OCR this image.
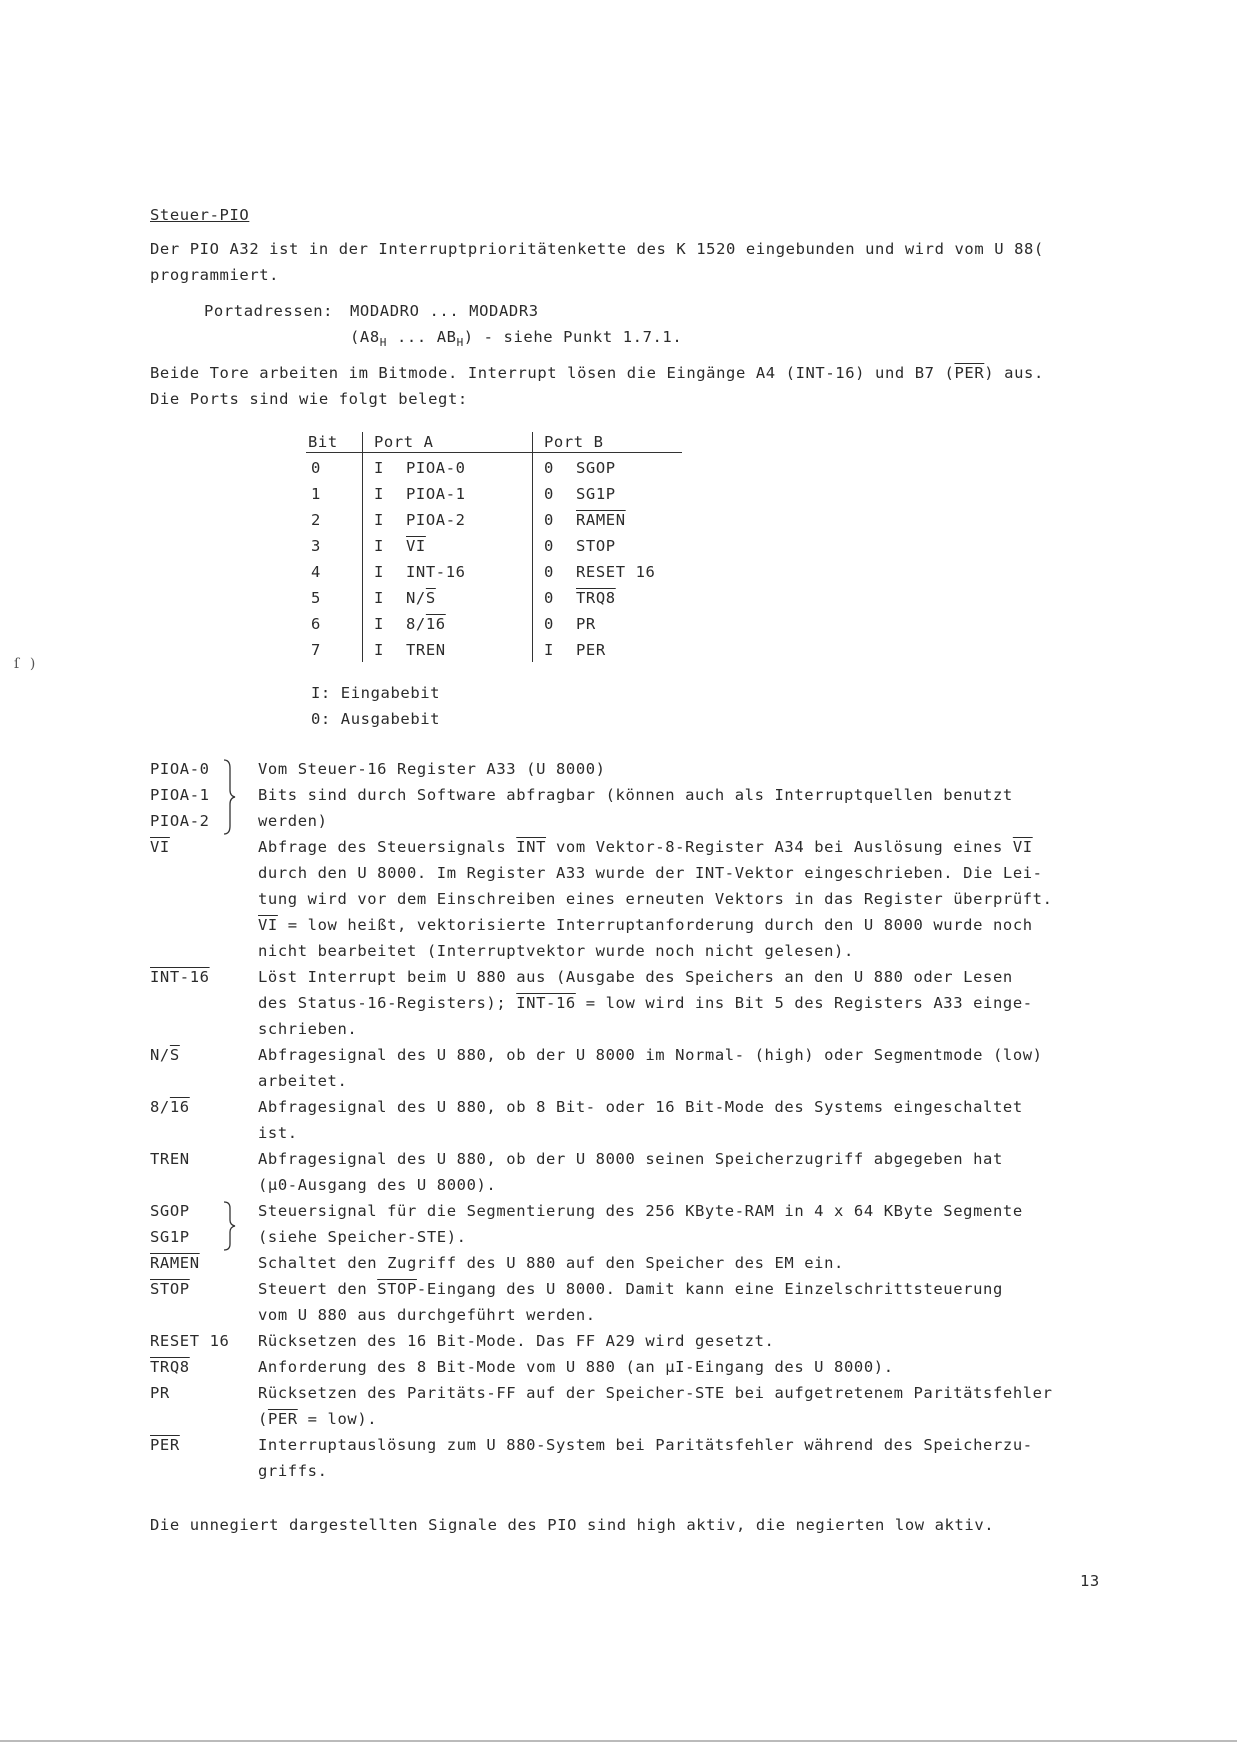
Steuer-PIO
Der PIO A32 ist in der Interruptprioritätenkette des K 1520 eingebunden und wird vom U 88(
programmiert.
Portadressen: MODADRO ... MODADR3
($A8_H$ ... $AB_H$) - siehe Punkt 1.7.1.
Beide Tore arbeiten im Bitmode. Interrupt lösen die Eingänge A4 (INT-16) und B7 $(\overline{PER})$ aus.
Die Ports sind wie folgt belegt:
Bit Port A	Port B
0	I PIOA-0	0 SGOP
1	I PIOA-1	0 SG1P
2	I PIOA-2	0 RAMEN
3	I $\overline{VI}$	0 STOP
4	I INT-16	0 RESET 16
5	I $N/\overline{S}$	0 TRQ8
6	I 8/16	0 PR
7	I TREN	I PER
I: Eingabebit
0: Ausgabebit
PIOA-0
PIOA-1
PIOA-2
Vom Steuer-16 Register A33 (U 8000)
Bits sind durch Software abfragbar (können auch als Interruptquellen benutzt
werden)
$\overline{VI}$	Abfrage des Steuersignals $\overline{INT}$ vom Vektor-8-Register A34 bei Auslösung eines $\overline{VI}$
durch den U 8000. Im Register A33 wurde der INT-Vektor eingeschrieben. Die Lei-
tung wird vor dem Einschreiben eines erneuten Vektors in das Register überprüft.
$\overline{VI}$ = low heißt, vektorisierte Interruptanforderung durch den U 8000 wurde noch
nicht bearbeitet (Interruptvektor wurde noch nicht gelesen).
INT-16	Löst Interrupt beim U 880 aus (Ausgabe des Speichers an den U 880 oder Lesen
des Status-16-Registers); INT-16 = low wird ins Bit 5 des Registers A33 einge-
schrieben.
$N/\overline{S}$	Abfragesignal des U 880, ob der U 8000 im Normal- (high) oder Segmentmode (low)
arbeitet.
8/16	Abfragesignal des U 880, ob 8 Bit- oder 16 Bit-Mode des Systems eingeschaltet
ist.
TREN	Abfragesignal des U 880, ob der U 8000 seinen Speicherzugriff abgegeben hat
(µ0-Ausgang des U 8000).
SGOP
SG1P
Steuersignal für die Segmentierung des 256 KByte-RAM in 4 x 64 KByte Segmente
(siehe Speicher-STE).
RAMEN	Schaltet den Zugriff des U 880 auf den Speicher des EM ein.
STOP	Steuert den STOP-Eingang des U 8000. Damit kann eine Einzelschrittsteuerung
vom U 880 aus durchgeführt werden.
RESET 16 Rücksetzen des 16 Bit-Mode. Das FF A29 wird gesetzt.
TRQ8	Anforderung des 8 Bit-Mode vom U 880 (an µI-Eingang des U 8000).
PR	Rücksetzen des Paritäts-FF auf der Speicher-STE bei aufgetretenem Paritätsfehler
$(\overline{PER} = low)$.
$\overline{PER}$	Interruptauslösung zum U 880-System bei Paritätsfehler während des Speicherzu-
griffs.
Die unnegiert dargestellten Signale des PIO sind high aktiv, die negierten low aktiv.
13
ſ  )
